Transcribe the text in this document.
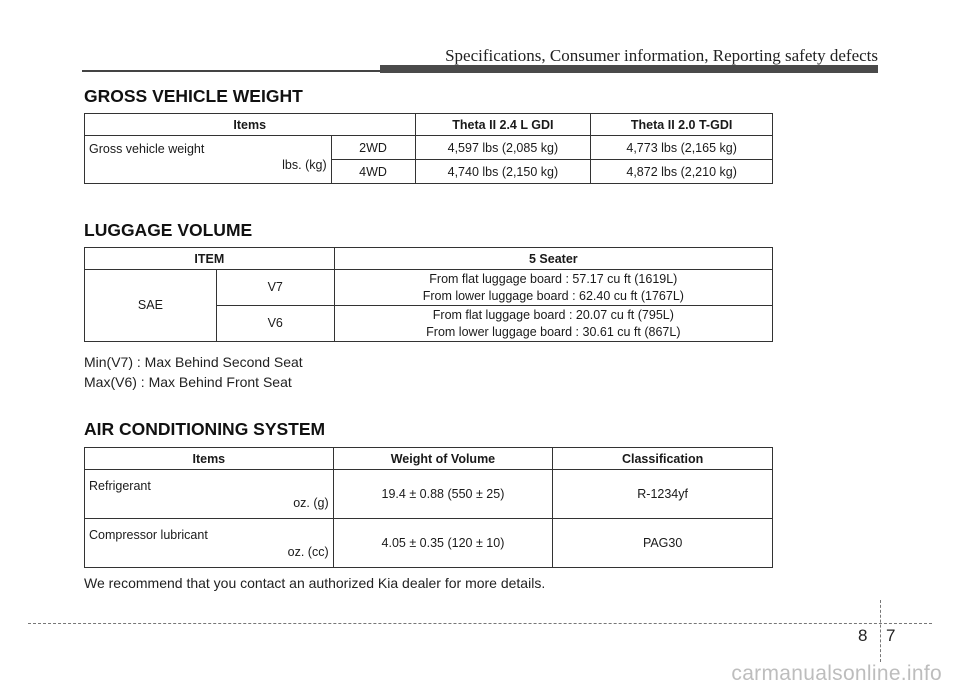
Specifications, Consumer information, Reporting safety defects
GROSS VEHICLE WEIGHT
Items		Theta II 2.4 L GDI	Theta II 2.0 T-GDI

Gross vehicle weight
lbs. (kg)	2WD	4,597 lbs (2,085 kg)	4,773 lbs (2,165 kg)
	4WD	4,740 lbs (2,150 kg)	4,872 lbs (2,210 kg)
LUGGAGE VOLUME
ITEM		5 Seater
SAE	V7	From flat luggage board : 57.17 cu ft (1619L)
From lower luggage board : 62.40 cu ft (1767L)

	V6	From flat luggage board : 20.07 cu ft (795L)
From lower luggage board : 30.61 cu ft (867L)
Min(V7) : Max Behind Second Seat
Max(V6) : Max Behind Front Seat
AIR CONDITIONING SYSTEM
Items	Weight of Volume	Classification

Refrigerant
oz. (g)	19.4 ± 0.88 (550 ± 25)	R-1234yf

Compressor lubricant
oz. (cc)	4.05 ± 0.35 (120 ± 10)	PAG30
We recommend that you contact an authorized Kia dealer for more details.
8 7
carmanualsonline.info
